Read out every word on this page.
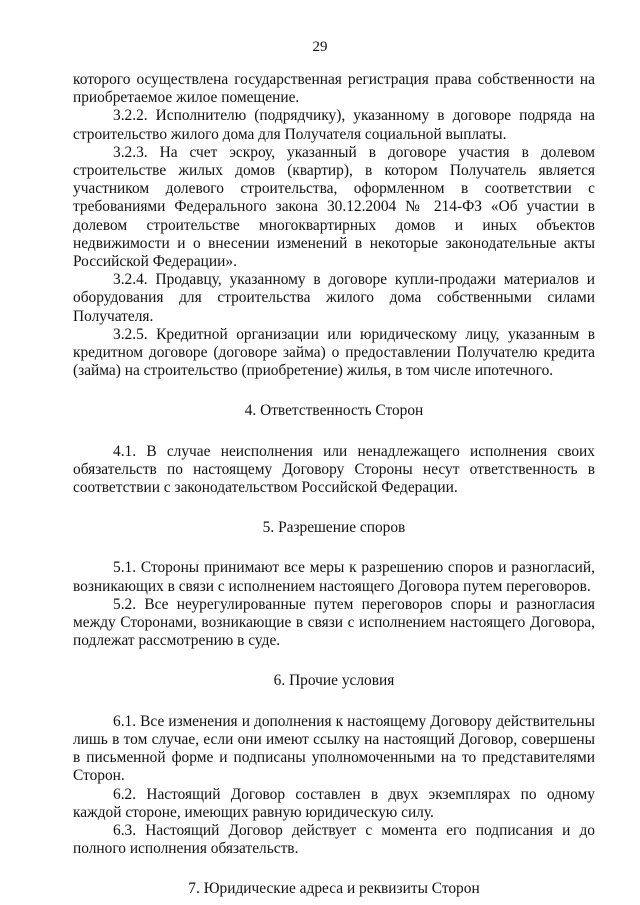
29

которого осуществлена государственная регистрация права собственности на приобретаемое жилое помещение.

3.2.2. Исполнителю (подрядчику), указанному в договоре подряда на строительство жилого дома для Получателя социальной выплаты.

3.2.3. На счет эскроу, указанный в договоре участия в долевом строительстве жилых домов (квартир), в котором Получатель является участником долевого строительства, оформленном в соответствии с требованиями Федерального закона 30.12.2004 № 214-ФЗ «Об участии в долевом строительстве многоквартирных домов и иных объектов недвижимости и о внесении изменений в некоторые законодательные акты Российской Федерации».

3.2.4. Продавцу, указанному в договоре купли-продажи материалов и оборудования для строительства жилого дома собственными силами Получателя.

3.2.5. Кредитной организации или юридическому лицу, указанным в кредитном договоре (договоре займа) о предоставлении Получателю кредита (займа) на строительство (приобретение) жилья, в том числе ипотечного.

4. Ответственность Сторон

4.1. В случае неисполнения или ненадлежащего исполнения своих обязательств по настоящему Договору Стороны несут ответственность в соответствии с законодательством Российской Федерации.

5. Разрешение споров

5.1. Стороны принимают все меры к разрешению споров и разногласий, возникающих в связи с исполнением настоящего Договора путем переговоров.

5.2. Все неурегулированные путем переговоров споры и разногласия между Сторонами, возникающие в связи с исполнением настоящего Договора, подлежат рассмотрению в суде.

6. Прочие условия

6.1. Все изменения и дополнения к настоящему Договору действительны лишь в том случае, если они имеют ссылку на настоящий Договор, совершены в письменной форме и подписаны уполномоченными на то представителями Сторон.

6.2. Настоящий Договор составлен в двух экземплярах по одному каждой стороне, имеющих равную юридическую силу.

6.3. Настоящий Договор действует с момента его подписания и до полного исполнения обязательств.

7. Юридические адреса и реквизиты Сторон
